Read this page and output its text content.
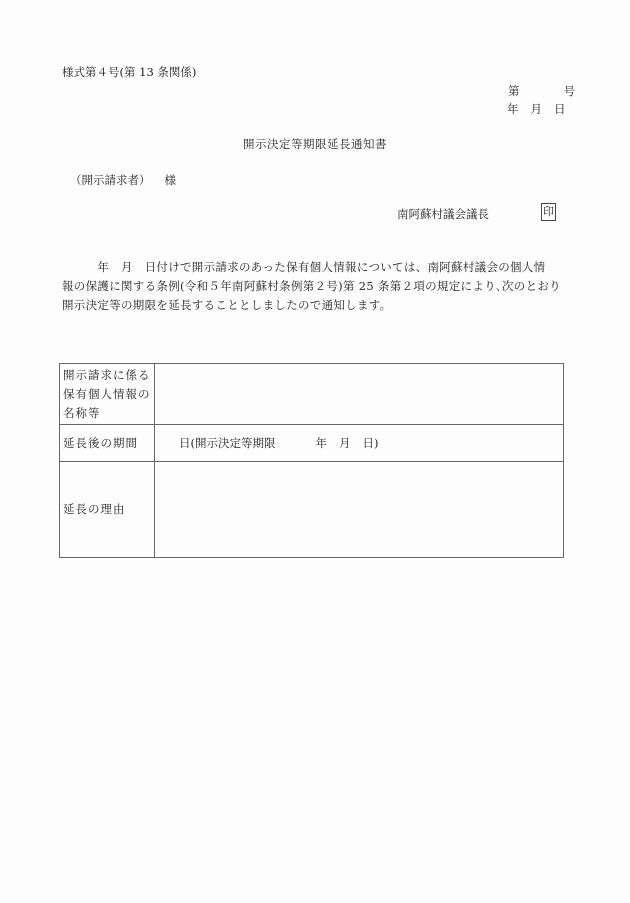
様式第４号(第 13 条関係)
第	号
年 月 日
開示決定等期限延長通知書
（開示請求者） 様
南阿蘇村議会議長	印

　　　年　月　日付けで開示請求のあった保有個人情報については、南阿蘇村議会の個人情

報の保護に関する条例(令和５年南阿蘇村条例第２号)第 25 条第２項の規定により､次のとおり

開示決定等の期限を延長することとしましたので通知します。

開示請求に係る保有個人情報の名称等	
延長後の期間	日(開示決定等期限 年 月 日)
延長の理由	
